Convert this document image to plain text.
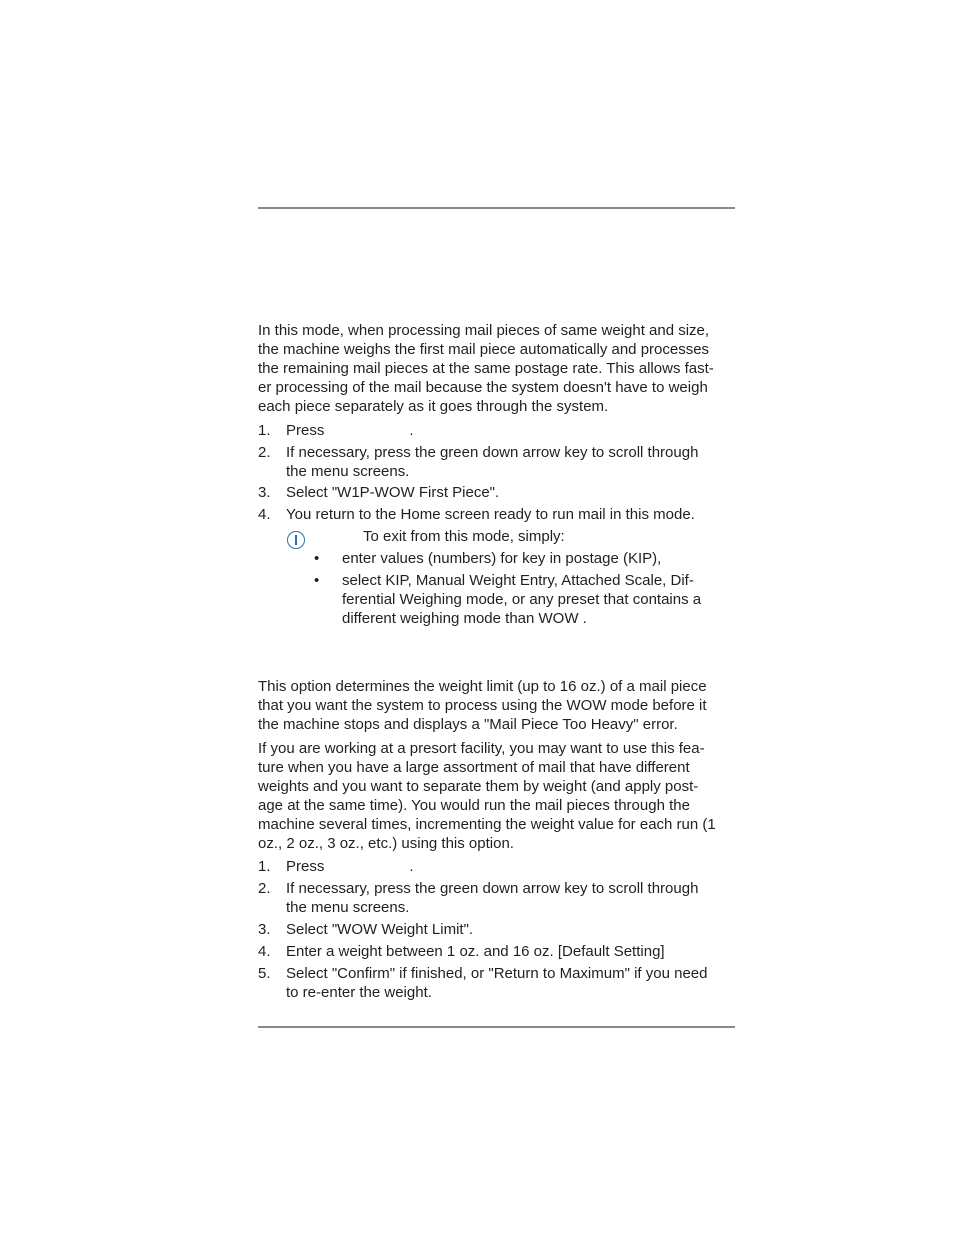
In this mode, when processing mail pieces of same weight and size,
the machine weighs the first mail piece automatically and processes
the remaining mail pieces at the same postage rate. This allows fast-
er processing of the mail because the system doesn't have to weigh
each piece separately as it goes through the system.

1. Press	.
2. If necessary, press the green down arrow key to scroll through
the menu screens.
3. Select "W1P-WOW First Piece".
4. You return to the Home screen ready to run mail in this mode.
To exit from this mode, simply:
• enter values (numbers) for key in postage (KIP),
• select KIP, Manual Weight Entry, Attached Scale, Dif-
ferential Weighing mode, or any preset that contains a
different weighing mode than WOW .

This option determines the weight limit (up to 16 oz.) of a mail piece
that you want the system to process using the WOW mode before it
the machine stops and displays a "Mail Piece Too Heavy" error.

If you are working at a presort facility, you may want to use this fea-
ture when you have a large assortment of mail that have different
weights and you want to separate them by weight (and apply post-
age at the same time). You would run the mail pieces through the
machine several times, incrementing the weight value for each run (1
oz., 2 oz., 3 oz., etc.) using this option.

1. Press	.
2. If necessary, press the green down arrow key to scroll through
the menu screens.
3. Select "WOW Weight Limit".
4. Enter a weight between 1 oz. and 16 oz. [Default Setting]
5. Select "Confirm" if finished, or "Return to Maximum" if you need
to re-enter the weight.
